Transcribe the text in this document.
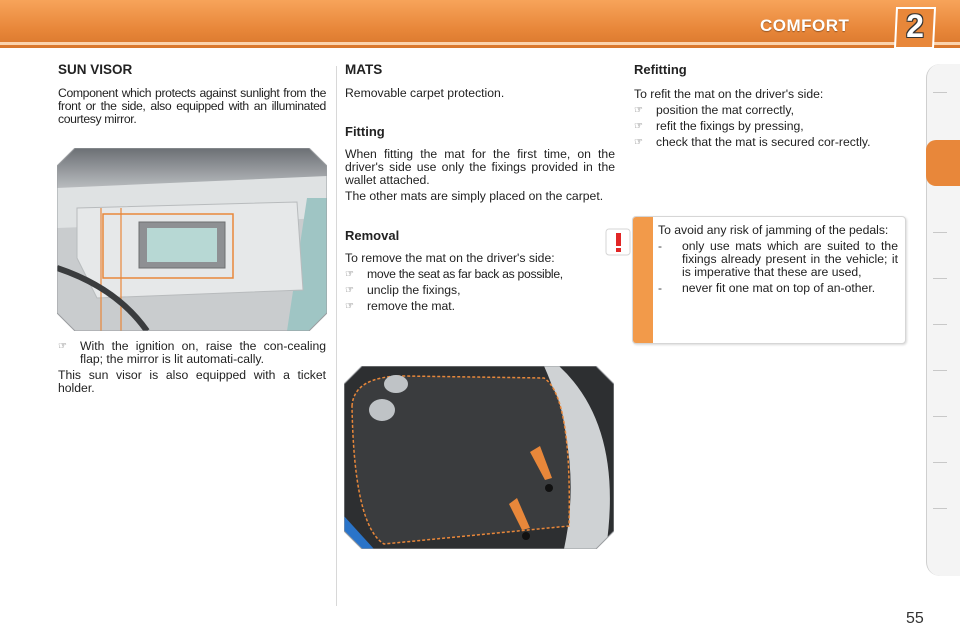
COMFORT	2
SUN VISOR

Component which protects against sunlight from the front or the side, also equipped with an illuminated courtesy mirror.

☞	With the ignition on, raise the con-cealing flap; the mirror is lit automati-cally.

This sun visor is also equipped with a ticket holder.

MATS

Removable carpet protection.

Fitting

When fitting the mat for the first time, on the driver's side use only the fixings provided in the wallet attached.

The other mats are simply placed on the carpet.

Removal

To remove the mat on the driver's side:

☞	move the seat as far back as possible,
☞	unclip the fixings,
☞	remove the mat.
Refitting

To refit the mat on the driver's side:

☞	position the mat correctly,
☞	refit the fixings by pressing,
☞	check that the mat is secured cor-rectly.

To avoid any risk of jamming of the pedals:

-	only use mats which are suited to the fixings already present in the vehicle; it is imperative that these are used,
-	never fit one mat on top of an-other.
55
